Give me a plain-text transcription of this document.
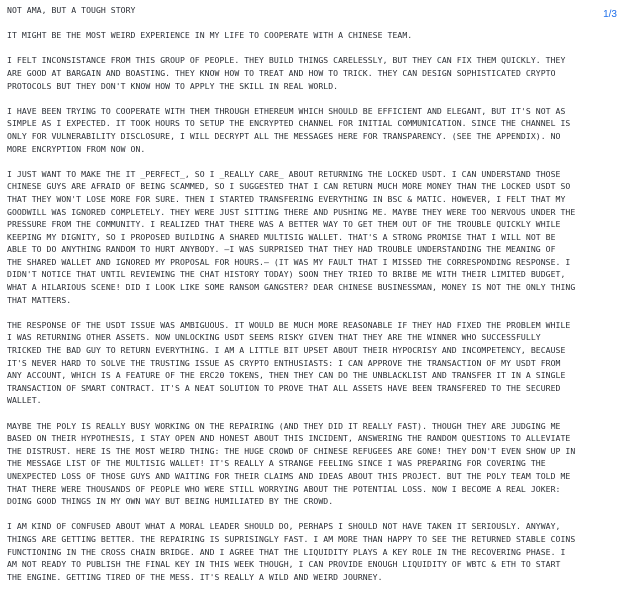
1/3
NOT AMA, BUT A TOUGH STORY

IT MIGHT BE THE MOST WEIRD EXPERIENCE IN MY LIFE TO COOPERATE WITH A CHINESE TEAM.

I FELT INCONSISTANCE FROM THIS GROUP OF PEOPLE. THEY BUILD THINGS CARELESSLY, BUT THEY CAN FIX THEM QUICKLY. THEY
ARE GOOD AT BARGAIN AND BOASTING. THEY KNOW HOW TO TREAT AND HOW TO TRICK. THEY CAN DESIGN SOPHISTICATED CRYPTO
PROTOCOLS BUT THEY DON'T KNOW HOW TO APPLY THE SKILL IN REAL WORLD.

I HAVE BEEN TRYING TO COOPERATE WITH THEM THROUGH ETHEREUM WHICH SHOULD BE EFFICIENT AND ELEGANT, BUT IT'S NOT AS
SIMPLE AS I EXPECTED. IT TOOK HOURS TO SETUP THE ENCRYPTED CHANNEL FOR INITIAL COMMUNICATION. SINCE THE CHANNEL IS
ONLY FOR VULNERABILITY DISCLOSURE, I WILL DECRYPT ALL THE MESSAGES HERE FOR TRANSPARENCY. (SEE THE APPENDIX). NO
MORE ENCRYPTION FROM NOW ON.

I JUST WANT TO MAKE THE IT _PERFECT_, SO I _REALLY CARE_ ABOUT RETURNING THE LOCKED USDT. I CAN UNDERSTAND THOSE
CHINESE GUYS ARE AFRAID OF BEING SCAMMED, SO I SUGGESTED THAT I CAN RETURN MUCH MORE MONEY THAN THE LOCKED USDT SO
THAT THEY WON'T LOSE MORE FOR SURE. THEN I STARTED TRANSFERING EVERYTHING IN BSC & MATIC. HOWEVER, I FELT THAT MY
GOODWILL WAS IGNORED COMPLETELY. THEY WERE JUST SITTING THERE AND PUSHING ME. MAYBE THEY WERE TOO NERVOUS UNDER THE
PRESSURE FROM THE COMMUNITY. I REALIZED THAT THERE WAS A BETTER WAY TO GET THEM OUT OF THE TROUBLE QUICKLY WHILE
KEEPING MY DIGNITY, SO I PROPOSED BUILDING A SHARED MULTISIG WALLET. THAT'S A STRONG PROMISE THAT I WILL NOT BE
ABLE TO DO ANYTHING RANDOM TO HURT ANYBODY. —I WAS SURPRISED THAT THEY HAD TROUBLE UNDERSTANDING THE MEANING OF
THE SHARED WALLET AND IGNORED MY PROPOSAL FOR HOURS.— (IT WAS MY FAULT THAT I MISSED THE CORRESPONDING RESPONSE. I
DIDN'T NOTICE THAT UNTIL REVIEWING THE CHAT HISTORY TODAY) SOON THEY TRIED TO BRIBE ME WITH THEIR LIMITED BUDGET,
WHAT A HILARIOUS SCENE! DID I LOOK LIKE SOME RANSOM GANGSTER? DEAR CHINESE BUSINESSMAN, MONEY IS NOT THE ONLY THING
THAT MATTERS.

THE RESPONSE OF THE USDT ISSUE WAS AMBIGUOUS. IT WOULD BE MUCH MORE REASONABLE IF THEY HAD FIXED THE PROBLEM WHILE
I WAS RETURNING OTHER ASSETS. NOW UNLOCKING USDT SEEMS RISKY GIVEN THAT THEY ARE THE WINNER WHO SUCCESSFULLY
TRICKED THE BAD GUY TO RETURN EVERYTHING. I AM A LITTLE BIT UPSET ABOUT THEIR HYPOCRISY AND INCOMPETENCY, BECAUSE
IT'S NEVER HARD TO SOLVE THE TRUSTING ISSUE AS CRYPTO ENTHUSIASTS: I CAN APPROVE THE TRANSACTION OF MY USDT FROM
ANY ACCOUNT, WHICH IS A FEATURE OF THE ERC20 TOKENS, THEN THEY CAN DO THE UNBLACKLIST AND TRANSFER IT IN A SINGLE
TRANSACTION OF SMART CONTRACT. IT'S A NEAT SOLUTION TO PROVE THAT ALL ASSETS HAVE BEEN TRANSFERED TO THE SECURED
WALLET.

MAYBE THE POLY IS REALLY BUSY WORKING ON THE REPAIRING (AND THEY DID IT REALLY FAST). THOUGH THEY ARE JUDGING ME
BASED ON THEIR HYPOTHESIS, I STAY OPEN AND HONEST ABOUT THIS INCIDENT, ANSWERING THE RANDOM QUESTIONS TO ALLEVIATE
THE DISTRUST. HERE IS THE MOST WEIRD THING: THE HUGE CROWD OF CHINESE REFUGEES ARE GONE! THEY DON'T EVEN SHOW UP IN
THE MESSAGE LIST OF THE MULTISIG WALLET! IT'S REALLY A STRANGE FEELING SINCE I WAS PREPARING FOR COVERING THE
UNEXPECTED LOSS OF THOSE GUYS AND WAITING FOR THEIR CLAIMS AND IDEAS ABOUT THIS PROJECT. BUT THE POLY TEAM TOLD ME
THAT THERE WERE THOUSANDS OF PEOPLE WHO WERE STILL WORRYING ABOUT THE POTENTIAL LOSS. NOW I BECOME A REAL JOKER:
DOING GOOD THINGS IN MY OWN WAY BUT BEING HUMILIATED BY THE CROWD.

I AM KIND OF CONFUSED ABOUT WHAT A MORAL LEADER SHOULD DO, PERHAPS I SHOULD NOT HAVE TAKEN IT SERIOUSLY. ANYWAY,
THINGS ARE GETTING BETTER. THE REPAIRING IS SUPRISINGLY FAST. I AM MORE THAN HAPPY TO SEE THE RETURNED STABLE COINS
FUNCTIONING IN THE CROSS CHAIN BRIDGE. AND I AGREE THAT THE LIQUIDITY PLAYS A KEY ROLE IN THE RECOVERING PHASE. I
AM NOT READY TO PUBLISH THE FINAL KEY IN THIS WEEK THOUGH, I CAN PROVIDE ENOUGH LIQUIDITY OF WBTC & ETH TO START
THE ENGINE. GETTING TIRED OF THE MESS. IT'S REALLY A WILD AND WEIRD JOURNEY.
